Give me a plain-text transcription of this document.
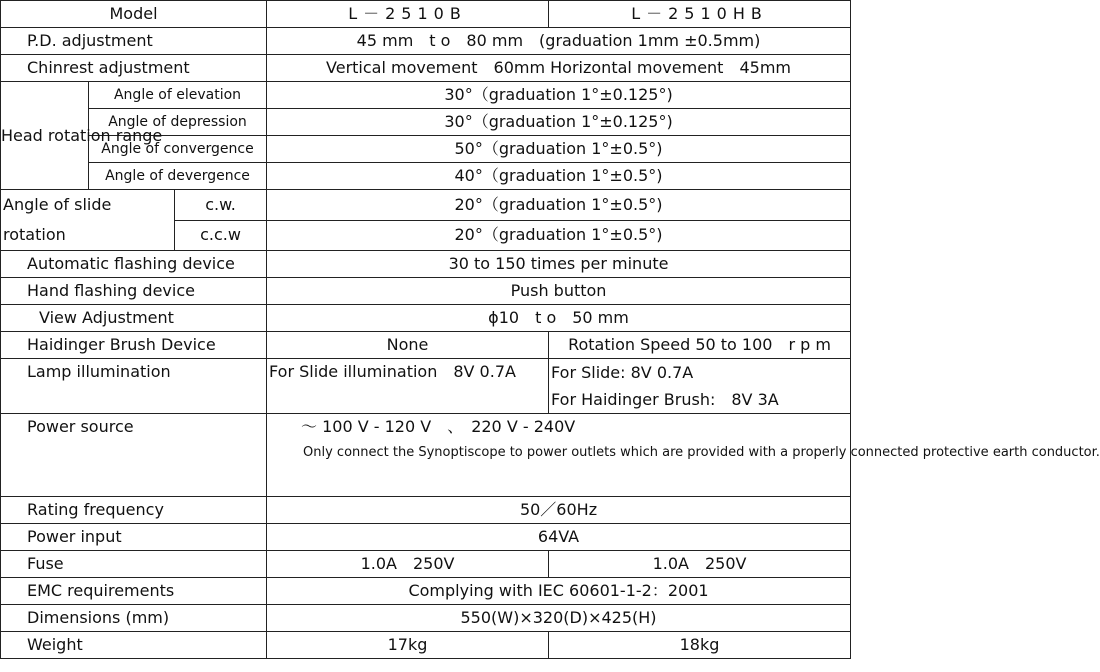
Model			L－2510B	L－2510HB
P.D. adjustment			45 mm　t o　80 mm　(graduation 1mm ±0.5mm)	
Chinrest adjustment			Vertical movement　60mm Horizontal movement　45mm	
Head rotation range	Angle of elevation		30°（graduation 1°±0.125°)	
	Angle of depression		30°（graduation 1°±0.125°)	
	Angle of convergence		50°（graduation 1°±0.5°)	
	Angle of devergence		40°（graduation 1°±0.5°)	
Angle of slide rotation		c.w.	20°（graduation 1°±0.5°)	
		c.c.w	20°（graduation 1°±0.5°)	
Automatic flashing device			30 to 150 times per minute	
Hand flashing device			Push button	
View Adjustment			ϕ10　t o　50 mm	
Haidinger Brush Device			None	Rotation Speed 50 to 100　r p m
Lamp illumination			For Slide illumination　8V 0.7A	For Slide: 8V 0.7A
For Haidinger Brush:　8V 3A

Power source			～ 100 V - 120 V　、　220 V - 240V
Only connect the Synoptiscope to power outlets which are provided with a properly connected protective earth conductor.	

Rating frequency			50／60Hz	
Power input			64VA	
Fuse			1.0A　250V	1.0A　250V
EMC requirements			Complying with IEC 60601-1-2：2001	
Dimensions (mm)			550(W)×320(D)×425(H)	
Weight			17kg	18kg
